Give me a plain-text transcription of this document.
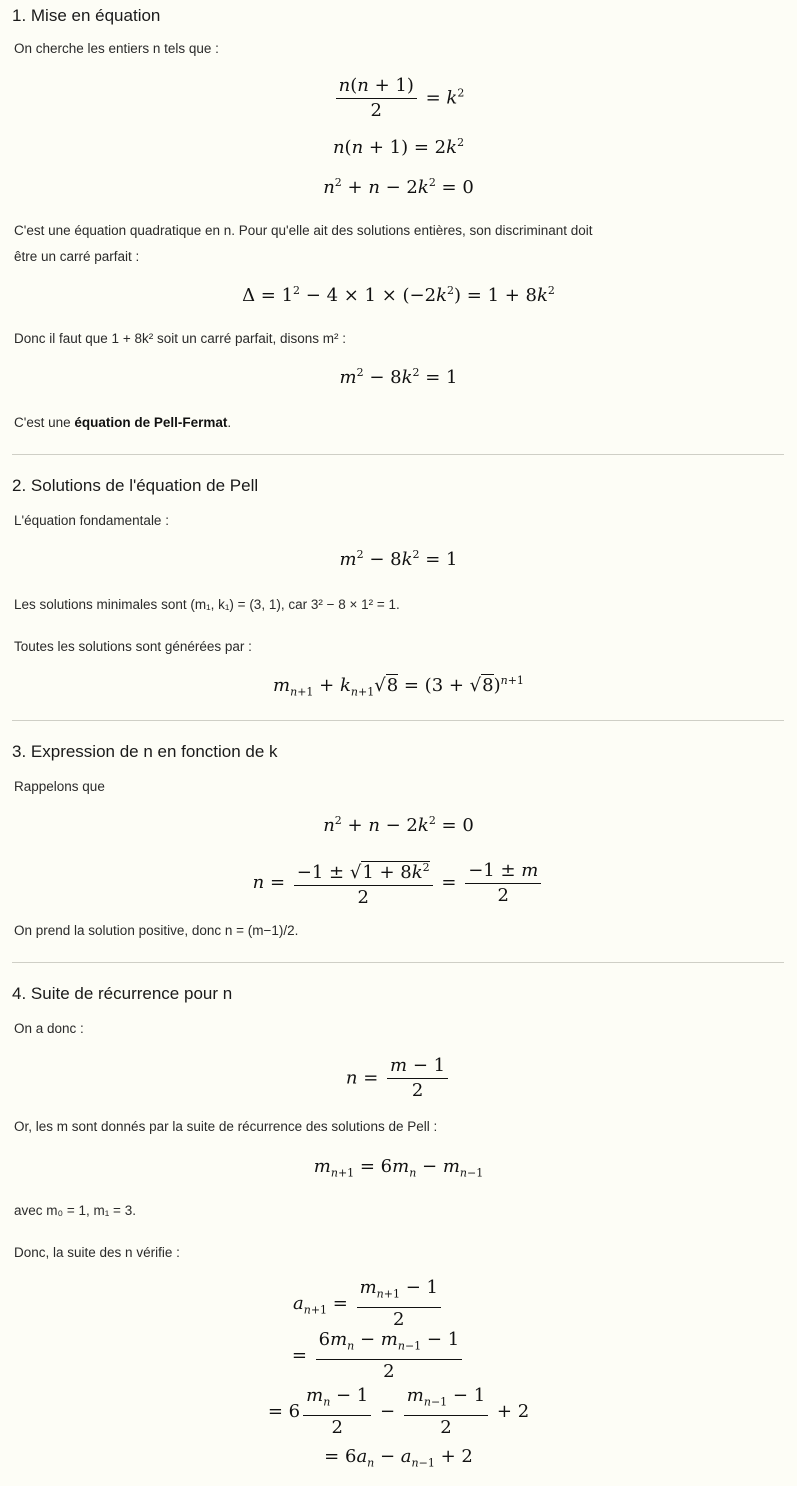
1. Mise en équation
On cherche les entiers n tels que :
$\frac{n(n + 1)}{2} = k^2$
$n(n + 1) = 2k^2$
$n^2 + n - 2k^2 = 0$
C'est une équation quadratique en n. Pour qu'elle ait des solutions entières, son discriminant doit
être un carré parfait :
$\Delta = 1^2 - 4 \times 1 \times (-2k^2) = 1 + 8k^2$
Donc il faut que 1 + 8k² soit un carré parfait, disons m² :
$m^2 - 8k^2 = 1$
C'est une équation de Pell-Fermat.
2. Solutions de l'équation de Pell
L'équation fondamentale :
$m^2 - 8k^2 = 1$
Les solutions minimales sont (m₁, k₁) = (3, 1), car 3² − 8 × 1² = 1.
Toutes les solutions sont générées par :
$m_{n+1} + k_{n+1}√8 = (3 + √8)^{n+1}$
3. Expression de n en fonction de k
Rappelons que
$n^2 + n - 2k^2 = 0$
$n = \frac{-1 \pm √1 + 8k^2}{2} = \frac{-1 \pm m}{2}$
On prend la solution positive, donc n = (m−1)/2.
4. Suite de récurrence pour n
On a donc :
$n = \frac{m - 1}{2}$
Or, les m sont donnés par la suite de récurrence des solutions de Pell :
$m_{n+1} = 6m_n - m_{n-1}$
avec m₀ = 1, m₁ = 3.
Donc, la suite des n vérifie :
$a_{n+1} = \frac{m_{n+1} - 1}{2}$
= $\frac{6m_n - m_{n-1} - 1}{2}$
= $6 \frac{m_n - 1}{2} - \frac{m_{n-1} - 1}{2} + 2$
= $6a_n - a_{n-1} + 2$
